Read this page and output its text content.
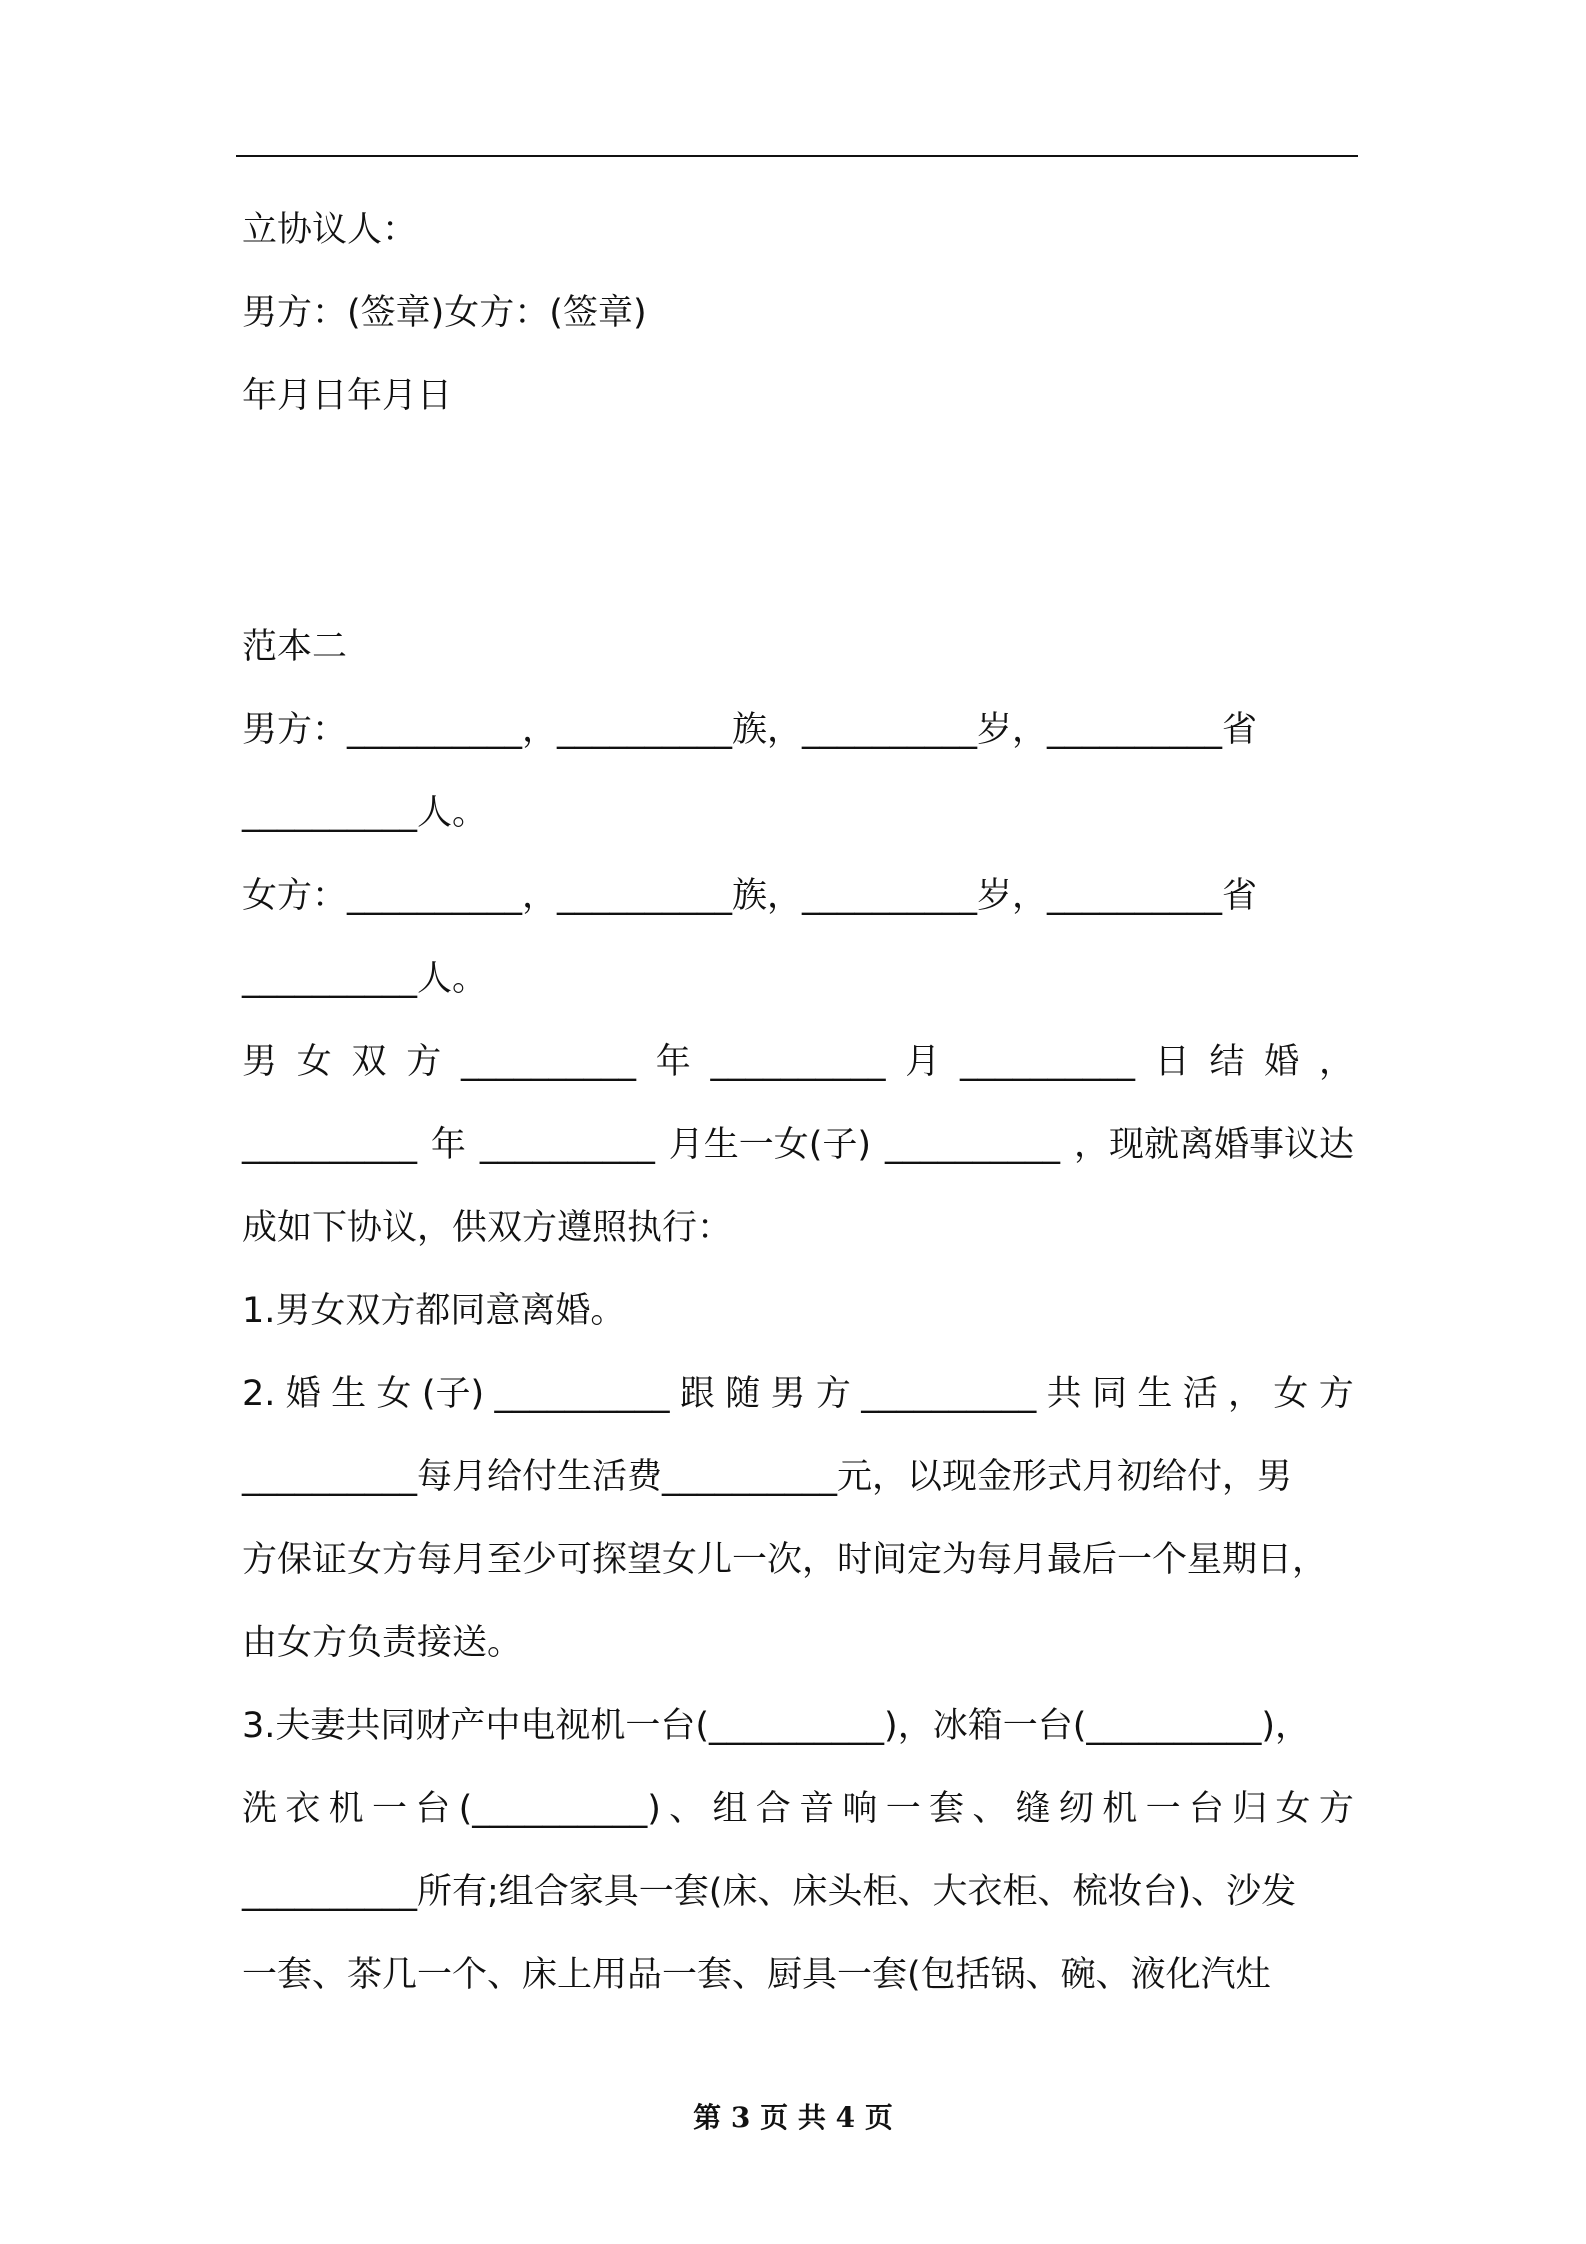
立协议人：
男方：(签章)女方：(签章)
年月日年月日
范本二
男方：__________，__________族，__________岁，__________省
__________人。
女方：__________，__________族，__________岁，__________省
__________人。
男 女 双 方 __________ 年 __________ 月 __________ 日 结 婚 ，
__________ 年 __________ 月生一女(子) __________ ，现就离婚事议达
成如下协议，供双方遵照执行：
1.男女双方都同意离婚。
2. 婚 生 女 (子) __________ 跟 随 男 方 __________ 共 同 生 活 ， 女 方
__________每月给付生活费__________元，以现金形式月初给付，男
方保证女方每月至少可探望女儿一次，时间定为每月最后一个星期日，
由女方负责接送。
3.夫妻共同财产中电视机一台(__________)，冰箱一台(__________)，
洗 衣 机 一 台 (__________) 、 组 合 音 响 一 套 、 缝 纫 机 一 台 归 女 方
__________所有;组合家具一套(床、床头柜、大衣柜、梳妆台)、沙发
一套、茶几一个、床上用品一套、厨具一套(包括锅、碗、液化汽灶
第 3 页 共 4 页
